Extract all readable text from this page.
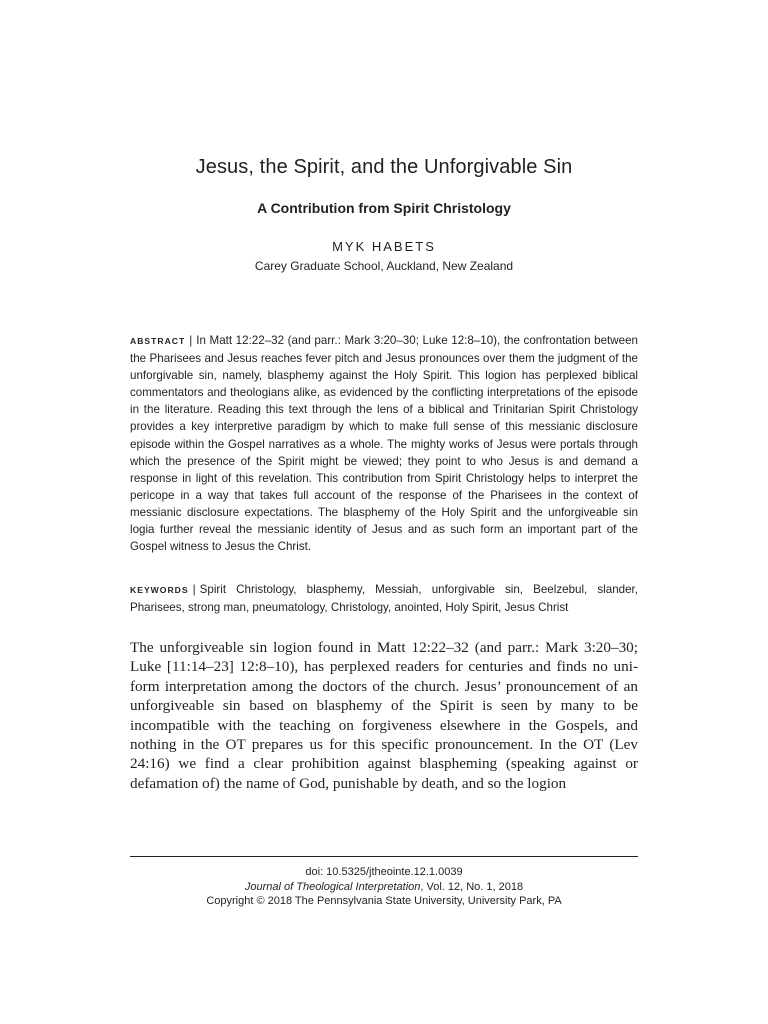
Jesus, the Spirit, and the Unforgivable Sin
A Contribution from Spirit Christology
MYK HABETS
Carey Graduate School, Auckland, New Zealand

ABSTRACT | In Matt 12:22–32 (and parr.: Mark 3:20–30; Luke 12:8–10), the confrontation between the Pharisees and Jesus reaches fever pitch and Jesus pronounces over them the judgment of the unforgivable sin, namely, blasphemy against the Holy Spirit. This logion has perplexed biblical commentators and theologians alike, as evidenced by the conflicting interpretations of the episode in the literature. Reading this text through the lens of a biblical and Trinitarian Spirit Christology provides a key interpretive paradigm by which to make full sense of this messianic disclosure episode within the Gospel narratives as a whole. The mighty works of Jesus were portals through which the presence of the Spirit might be viewed; they point to who Jesus is and demand a response in light of this revelation. This contribution from Spirit Christology helps to interpret the pericope in a way that takes full account of the response of the Pharisees in the context of messianic disclosure expectations. The blasphemy of the Holy Spirit and the unforgiveable sin logia further reveal the messianic identity of Jesus and as such form an important part of the Gospel witness to Jesus the Christ.

KEYWORDS | Spirit Christology, blasphemy, Messiah, unforgivable sin, Beelzebul, slander, Pharisees, strong man, pneumatology, Christology, anointed, Holy Spirit, Jesus Christ

The unforgiveable sin logion found in Matt 12:22–32 (and parr.: Mark 3:20–30; Luke [11:14–23] 12:8–10), has perplexed readers for centuries and finds no uniform interpretation among the doctors of the church. Jesus’ pronouncement of an unforgiveable sin based on blasphemy of the Spirit is seen by many to be incompatible with the teaching on forgiveness elsewhere in the Gospels, and nothing in the OT prepares us for this specific pronouncement. In the OT (Lev 24:16) we find a clear prohibition against blaspheming (speaking against or defamation of) the name of God, punishable by death, and so the logion

doi: 10.5325/jtheointe.12.1.0039
Journal of Theological Interpretation, Vol. 12, No. 1, 2018
Copyright © 2018 The Pennsylvania State University, University Park, PA
